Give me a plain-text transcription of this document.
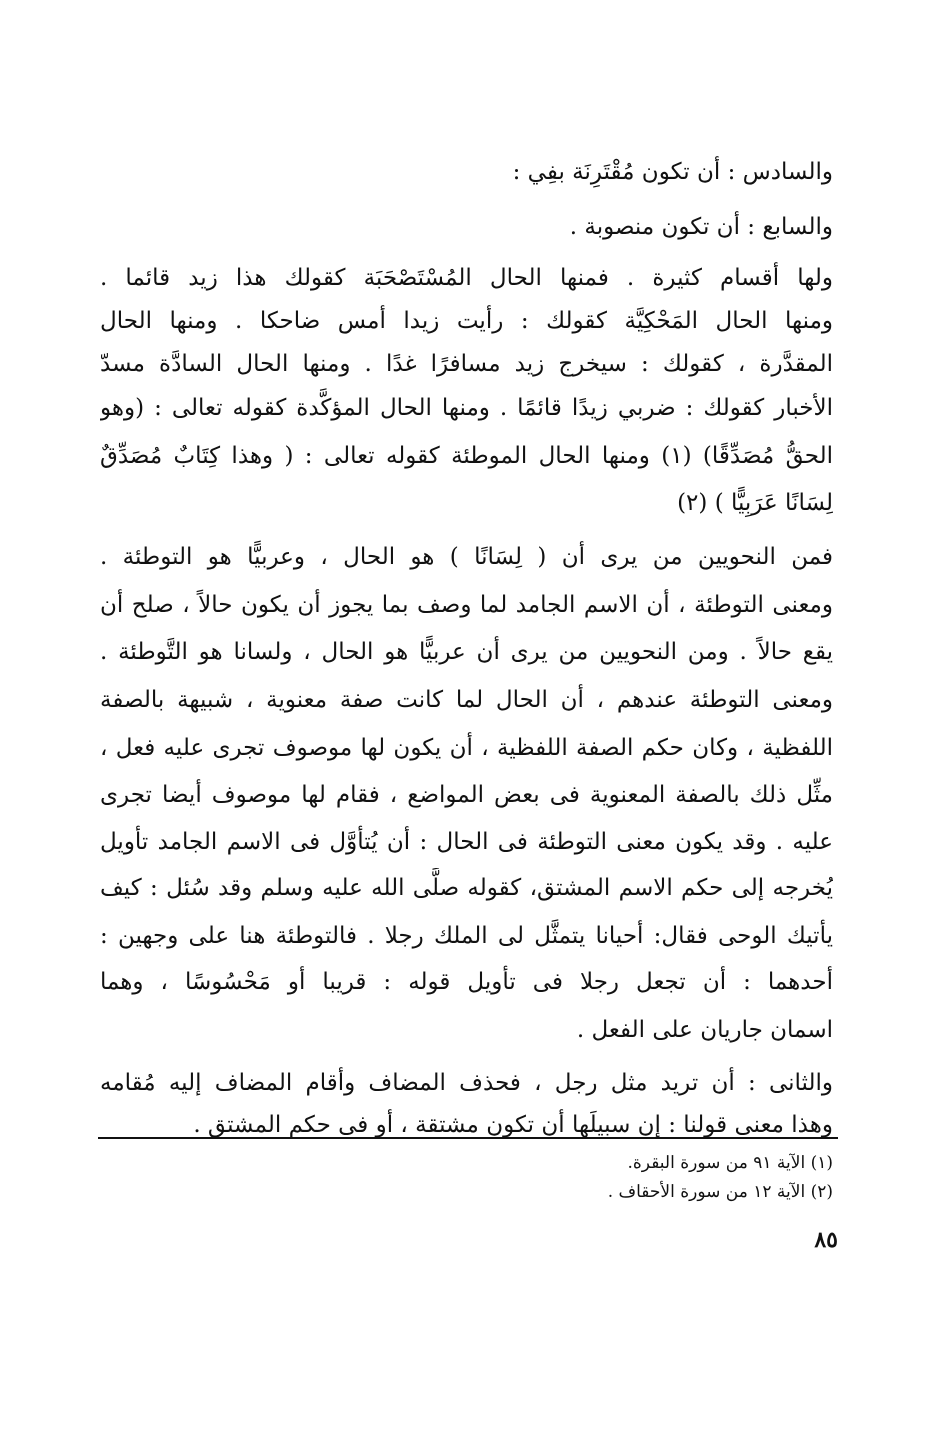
والسادس : أن تكون مُقْتَرِنَة بفِي :
والسابع : أن تكون منصوبة .
ولها أقسام كثيرة . فمنها الحال المُسْتَصْحَبَة كقولك هذا زيد قائما .
ومنها الحال المَحْكِيَّة كقولك : رأيت زيدا أمس ضاحكا . ومنها الحال
المقدَّرة ، كقولك : سيخرج زيد مسافرًا غدًا . ومنها الحال السادَّة مسدّ
الأخبار كقولك : ضربي زيدًا قائمًا . ومنها الحال المؤكَّدة كقوله تعالى : (وهو
الحقُّ مُصَدِّقًا) (١) ومنها الحال الموطئة كقوله تعالى : ( وهذا كِتَابٌ مُصَدِّقٌ
لِسَانًا عَرَبِيًّا ) (٢)
فمن النحويين من يرى أن ( لِسَانًا ) هو الحال ، وعربيًّا هو التوطئة .
ومعنى التوطئة ، أن الاسم الجامد لما وصف بما يجوز أن يكون حالاً ، صلح أن
يقع حالاً . ومن النحويين من يرى أن عربيًّا هو الحال ، ولسانا هو التَّوطئة .
ومعنى التوطئة عندهم ، أن الحال لما كانت صفة معنوية ، شبيهة بالصفة
اللفظية ، وكان حكم الصفة اللفظية ، أن يكون لها موصوف تجرى عليه فعل ،
مثِّل ذلك بالصفة المعنوية فى بعض المواضع ، فقام لها موصوف أيضا تجرى
عليه . وقد يكون معنى التوطئة فى الحال : أن يُتأوَّل فى الاسم الجامد تأويل
يُخرجه إلى حكم الاسم المشتق، كقوله صلَّى الله عليه وسلم وقد سُئل : كيف
يأتيك الوحى فقال: أحيانا يتمثَّل لى الملك رجلا . فالتوطئة هنا على وجهين :
أحدهما : أن تجعل رجلا فى تأويل قوله : قريبا أو مَحْسُوسًا ، وهما
اسمان جاريان على الفعل .
والثانى : أن تريد مثل رجل ، فحذف المضاف وأقام المضاف إليه مُقامه
وهذا معنى قولنا : إن سبيلَها أن تكون مشتقة ، أو فى حكم المشتق .
(١) الآية ٩١ من سورة البقرة.
(٢) الآية ١٢ من سورة الأحقاف .
٨٥
